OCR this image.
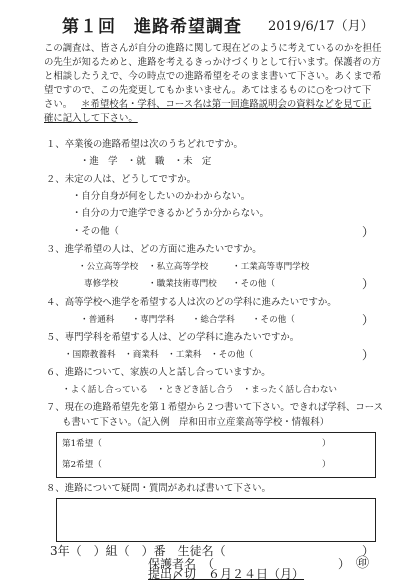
第１回　進路希望調査 2019/6/17（月）
この調査は、皆さんが自分の進路に関して現在どのように考えているのかを担任
の先生が知るためと、進路を考えるきっかけづくりとして行います。保護者の方
と相談したうえで、今の時点での進路希望をそのまま書いて下さい。あくまで希
望ですので、この先変更してもかまいません。あてはまるものに○をつけて下
さい。 ＊希望校名・学科、コース名は第一回進路説明会の資料などを見て正
確に記入して下さい。
１、卒業後の進路希望は次のうちどれですか。
・進　学　・就　職　・未　定
２、未定の人は、どうしてですか。
・自分自身が何をしたいのかわからない。
・自分の力で進学できるかどうか分からない。
・その他（	）
３、進学希望の人は、どの方面に進みたいですか。
・公立高等学校 ・私立高等学校	・工業高等専門学校
専修学校	・職業技術専門校 ・その他（	）
４、高等学校へ進学を希望する人は次のどの学科に進みたいですか。
・普通科　　・専門学科　　・総合学科　　・その他（	）
５、専門学科を希望する人は、どの学科に進みたいですか。
・国際教養科　・商業科　・工業科　・その他（	）
６、進路について、家族の人と話し合っていますか。
・よく話し合っている　・ときどき話し合う　・まったく話し合わない
７、現在の進路希望先を第１希望から２つ書いて下さい。できれば学科、コース
も書いて下さい。（記入例　岸和田市立産業高等学校・情報科）
第1希望（	）
第2希望（	）
８、進路について疑問・質問があれば書いて下さい。
3年（　）組（　）番　生徒名（	）
保護者名　（	） ㊞
提出〆切　６月２４日（月）
